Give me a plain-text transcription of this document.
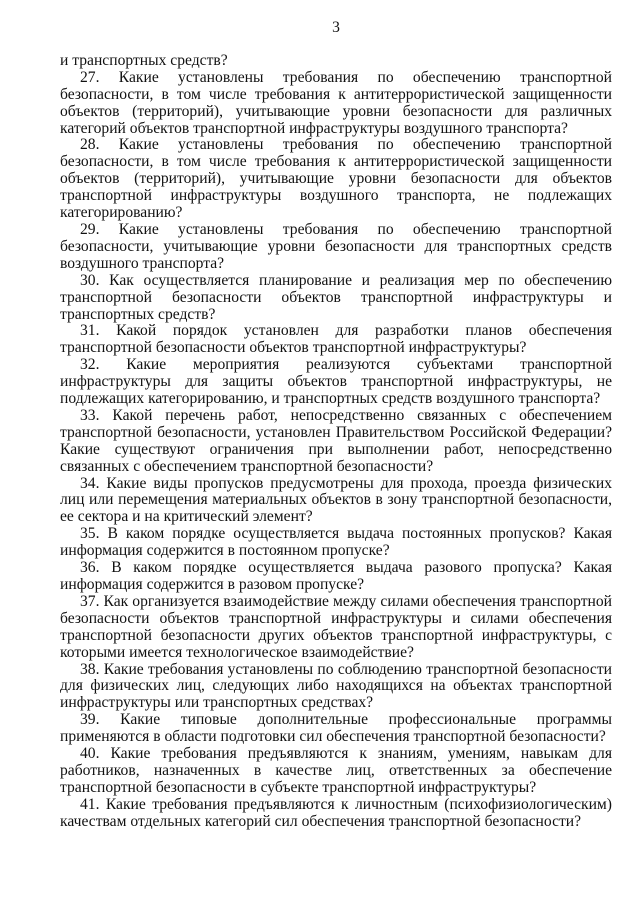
3

и транспортных средств?

27. Какие установлены требования по обеспечению транспортной безопасности, в том числе требования к антитеррористической защищенности объектов (территорий), учитывающие уровни безопасности для различных категорий объектов транспортной инфраструктуры воздушного транспорта?

28. Какие установлены требования по обеспечению транспортной безопасности, в том числе требования к антитеррористической защищенности объектов (территорий), учитывающие уровни безопасности для объектов транспортной инфраструктуры воздушного транспорта, не подлежащих категорированию?

29. Какие установлены требования по обеспечению транспортной безопасности, учитывающие уровни безопасности для транспортных средств воздушного транспорта?

30. Как осуществляется планирование и реализация мер по обеспечению транспортной безопасности объектов транспортной инфраструктуры и транспортных средств?

31. Какой порядок установлен для разработки планов обеспечения транспортной безопасности объектов транспортной инфраструктуры?

32. Какие мероприятия реализуются субъектами транспортной инфраструктуры для защиты объектов транспортной инфраструктуры, не подлежащих категорированию, и транспортных средств воздушного транспорта?

33. Какой перечень работ, непосредственно связанных с обеспечением транспортной безопасности, установлен Правительством Российской Федерации? Какие существуют ограничения при выполнении работ, непосредственно связанных с обеспечением транспортной безопасности?

34. Какие виды пропусков предусмотрены для прохода, проезда физических лиц или перемещения материальных объектов в зону транспортной безопасности, ее сектора и на критический элемент?

35. В каком порядке осуществляется выдача постоянных пропусков? Какая информация содержится в постоянном пропуске?

36. В каком порядке осуществляется выдача разового пропуска? Какая информация содержится в разовом пропуске?

37. Как организуется взаимодействие между силами обеспечения транспортной безопасности объектов транспортной инфраструктуры и силами обеспечения транспортной безопасности других объектов транспортной инфраструктуры, с которыми имеется технологическое взаимодействие?

38. Какие требования установлены по соблюдению транспортной безопасности для физических лиц, следующих либо находящихся на объектах транспортной инфраструктуры или транспортных средствах?

39. Какие типовые дополнительные профессиональные программы применяются в области подготовки сил обеспечения транспортной безопасности?

40. Какие требования предъявляются к знаниям, умениям, навыкам для работников, назначенных в качестве лиц, ответственных за обеспечение транспортной безопасности в субъекте транспортной инфраструктуры?

41. Какие требования предъявляются к личностным (психофизиологическим) качествам отдельных категорий сил обеспечения транспортной безопасности?
